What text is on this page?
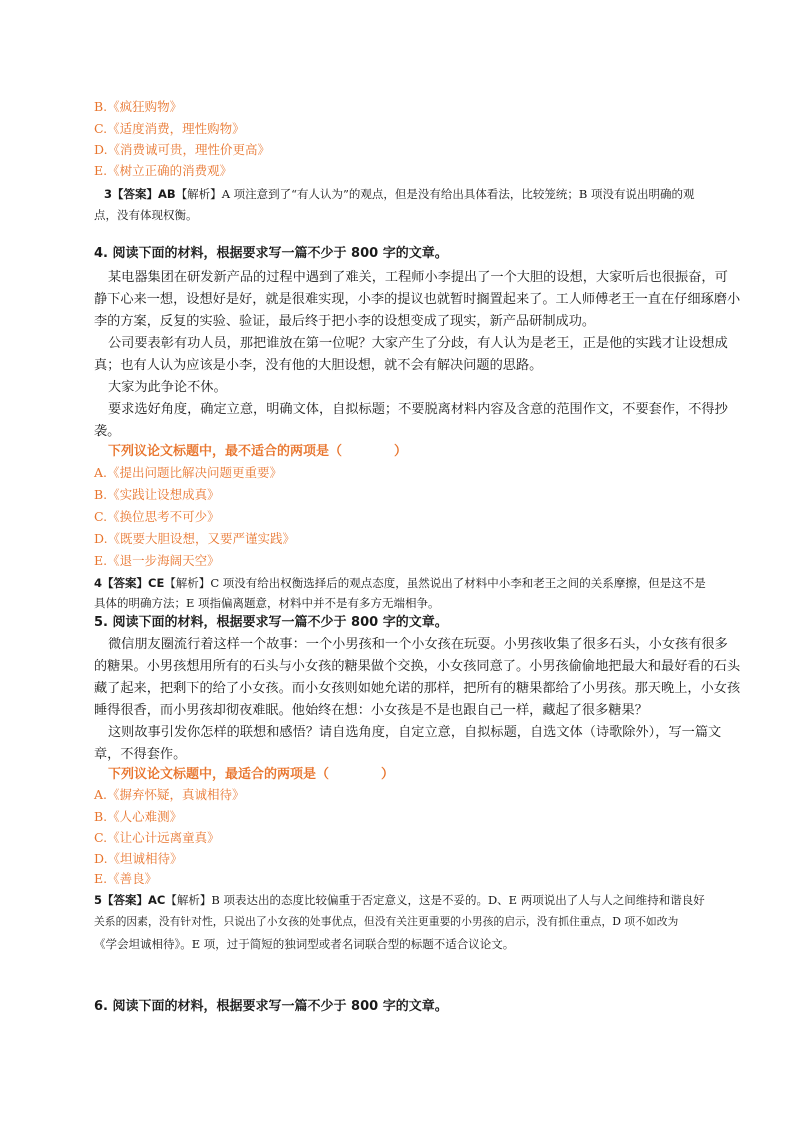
B.《疯狂购物》
C.《适度消费，理性购物》
D.《消费诚可贵，理性价更高》
E.《树立正确的消费观》
3【答案】AB【解析】A 项注意到了“有人认为”的观点，但是没有给出具体看法，比较笼统；B 项没有说出明确的观
点，没有体现权衡。
4. 阅读下面的材料，根据要求写一篇不少于 800 字的文章。
某电器集团在研发新产品的过程中遇到了难关，工程师小李提出了一个大胆的设想，大家听后也很振奋，可
静下心来一想，设想好是好，就是很难实现，小李的提议也就暂时搁置起来了。工人师傅老王一直在仔细琢磨小
李的方案，反复的实验、验证，最后终于把小李的设想变成了现实，新产品研制成功。
公司要表彰有功人员，那把谁放在第一位呢？大家产生了分歧，有人认为是老王，正是他的实践才让设想成
真；也有人认为应该是小李，没有他的大胆设想，就不会有解决问题的思路。
大家为此争论不休。
要求选好角度，确定立意，明确文体，自拟标题；不要脱离材料内容及含意的范围作文，不要套作，不得抄
袭。
下列议论文标题中，最不适合的两项是（　　　　）
A.《提出问题比解决问题更重要》
B.《实践让设想成真》
C.《换位思考不可少》
D.《既要大胆设想，又要严谨实践》
E.《退一步海阔天空》
4【答案】CE【解析】C 项没有给出权衡选择后的观点态度，虽然说出了材料中小李和老王之间的关系摩擦，但是这不是
具体的明确方法；E 项指偏离题意，材料中并不是有多方无端相争。
5. 阅读下面的材料，根据要求写一篇不少于 800 字的文章。
微信朋友圈流行着这样一个故事：一个小男孩和一个小女孩在玩耍。小男孩收集了很多石头，小女孩有很多
的糖果。小男孩想用所有的石头与小女孩的糖果做个交换，小女孩同意了。小男孩偷偷地把最大和最好看的石头
藏了起来，把剩下的给了小女孩。而小女孩则如她允诺的那样，把所有的糖果都给了小男孩。那天晚上，小女孩
睡得很香，而小男孩却彻夜难眠。他始终在想：小女孩是不是也跟自己一样，藏起了很多糖果？
这则故事引发你怎样的联想和感悟？请自选角度，自定立意，自拟标题，自选文体（诗歌除外），写一篇文
章，不得套作。
下列议论文标题中，最适合的两项是（　　　　）
A.《摒弃怀疑，真诚相待》
B.《人心难测》
C.《让心计远离童真》
D.《坦诚相待》
E.《善良》
5【答案】AC【解析】B 项表达出的态度比较偏重于否定意义，这是不妥的。D、E 两项说出了人与人之间维持和谐良好
关系的因素，没有针对性，只说出了小女孩的处事优点，但没有关注更重要的小男孩的启示，没有抓住重点，D 项不如改为
《学会坦诚相待》。E 项，过于简短的独词型或者名词联合型的标题不适合议论文。
6. 阅读下面的材料，根据要求写一篇不少于 800 字的文章。
